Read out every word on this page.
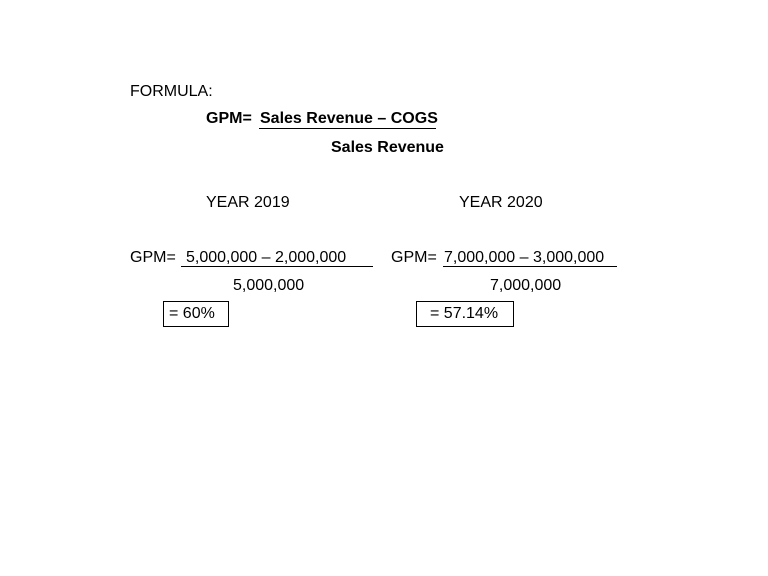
FORMULA:
GPM= Sales Revenue – COGS
Sales Revenue
YEAR 2019	YEAR 2020
GPM= 5,000,000 – 2,000,000
5,000,000
= 60%
GPM= 7,000,000 – 3,000,000
7,000,000
= 57.14%
